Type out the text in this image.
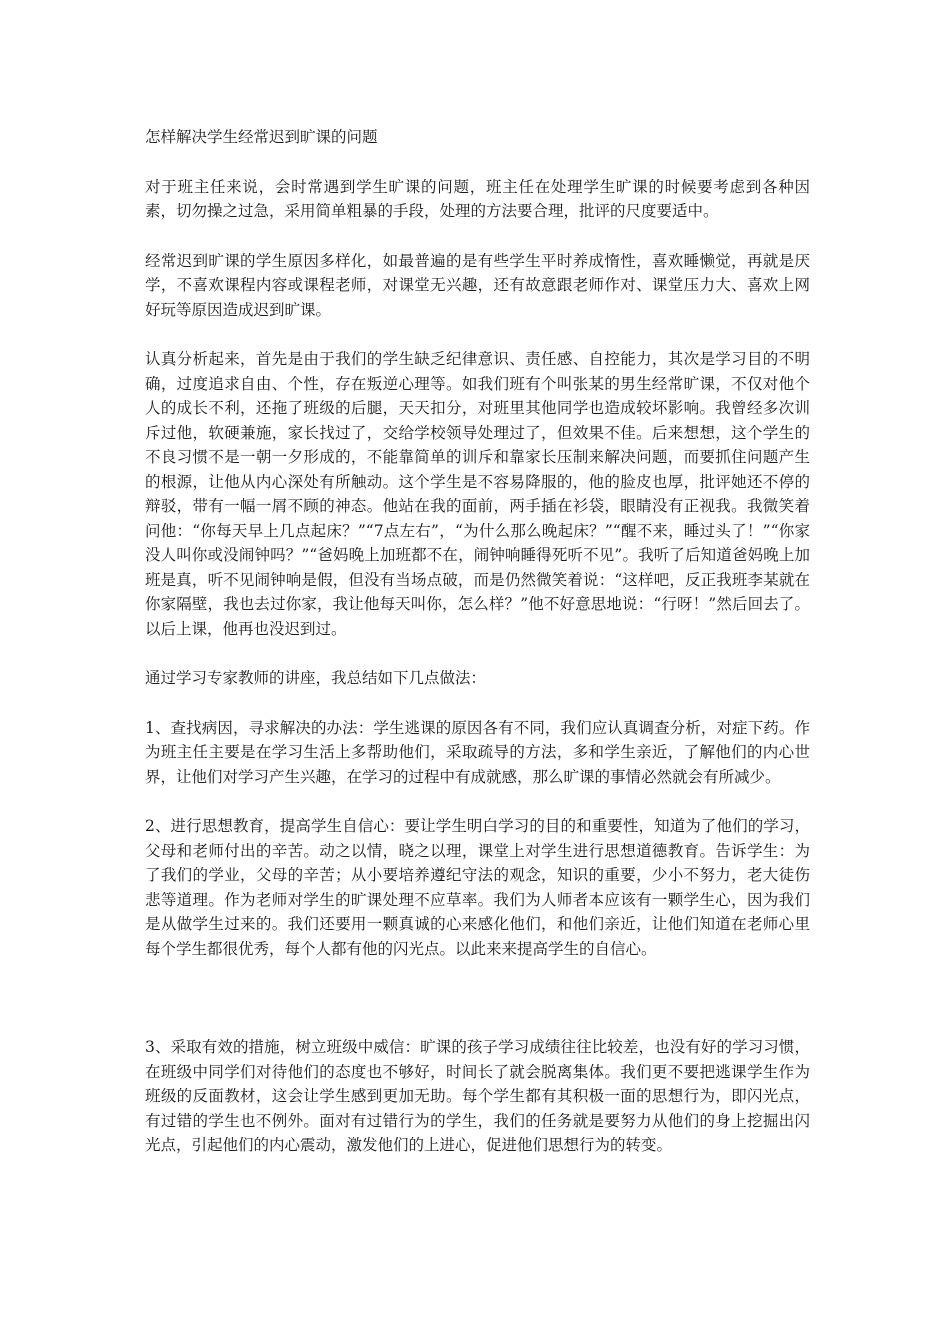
怎样解决学生经常迟到旷课的问题

对于班主任来说，会时常遇到学生旷课的问题，班主任在处理学生旷课的时候要考虑到各种因素，切勿操之过急，采用简单粗暴的手段，处理的方法要合理，批评的尺度要适中。

经常迟到旷课的学生原因多样化，如最普遍的是有些学生平时养成惰性，喜欢睡懒觉，再就是厌学，不喜欢课程内容或课程老师，对课堂无兴趣，还有故意跟老师作对、课堂压力大、喜欢上网好玩等原因造成迟到旷课。

认真分析起来，首先是由于我们的学生缺乏纪律意识、责任感、自控能力，其次是学习目的不明确，过度追求自由、个性，存在叛逆心理等。如我们班有个叫张某的男生经常旷课，不仅对他个人的成长不利，还拖了班级的后腿，天天扣分，对班里其他同学也造成较坏影响。我曾经多次训斥过他，软硬兼施，家长找过了，交给学校领导处理过了，但效果不佳。后来想想，这个学生的不良习惯不是一朝一夕形成的，不能靠简单的训斥和靠家长压制来解决问题，而要抓住问题产生的根源，让他从内心深处有所触动。这个学生是不容易降服的，他的脸皮也厚，批评她还不停的辩驳，带有一幅一屑不顾的神态。他站在我的面前，两手插在衫袋，眼睛没有正视我。我微笑着问他：“你每天早上几点起床？”“7点左右”，“为什么那么晚起床？”“醒不来，睡过头了！”“你家没人叫你或没闹钟吗？”“爸妈晚上加班都不在，闹钟响睡得死听不见”。我听了后知道爸妈晚上加班是真，听不见闹钟响是假，但没有当场点破，而是仍然微笑着说：“这样吧，反正我班李某就在你家隔壁，我也去过你家，我让他每天叫你，怎么样？”他不好意思地说：“行呀！”然后回去了。以后上课，他再也没迟到过。

通过学习专家教师的讲座，我总结如下几点做法：

1、查找病因，寻求解决的办法：学生逃课的原因各有不同，我们应认真调查分析，对症下药。作为班主任主要是在学习生活上多帮助他们，采取疏导的方法，多和学生亲近，了解他们的内心世界，让他们对学习产生兴趣，在学习的过程中有成就感，那么旷课的事情必然就会有所减少。

2、进行思想教育，提高学生自信心：要让学生明白学习的目的和重要性，知道为了他们的学习，父母和老师付出的辛苦。动之以情，晓之以理，课堂上对学生进行思想道德教育。告诉学生：为了我们的学业，父母的辛苦；从小要培养遵纪守法的观念，知识的重要，少小不努力，老大徒伤悲等道理。作为老师对学生的旷课处理不应草率。我们为人师者本应该有一颗学生心，因为我们是从做学生过来的。我们还要用一颗真诚的心来感化他们，和他们亲近，让他们知道在老师心里每个学生都很优秀，每个人都有他的闪光点。以此来来提高学生的自信心。

3、采取有效的措施，树立班级中威信：旷课的孩子学习成绩往往比较差，也没有好的学习习惯，在班级中同学们对待他们的态度也不够好，时间长了就会脱离集体。我们更不要把逃课学生作为班级的反面教材，这会让学生感到更加无助。每个学生都有其积极一面的思想行为，即闪光点，有过错的学生也不例外。面对有过错行为的学生，我们的任务就是要努力从他们的身上挖掘出闪光点，引起他们的内心震动，激发他们的上进心，促进他们思想行为的转变。
